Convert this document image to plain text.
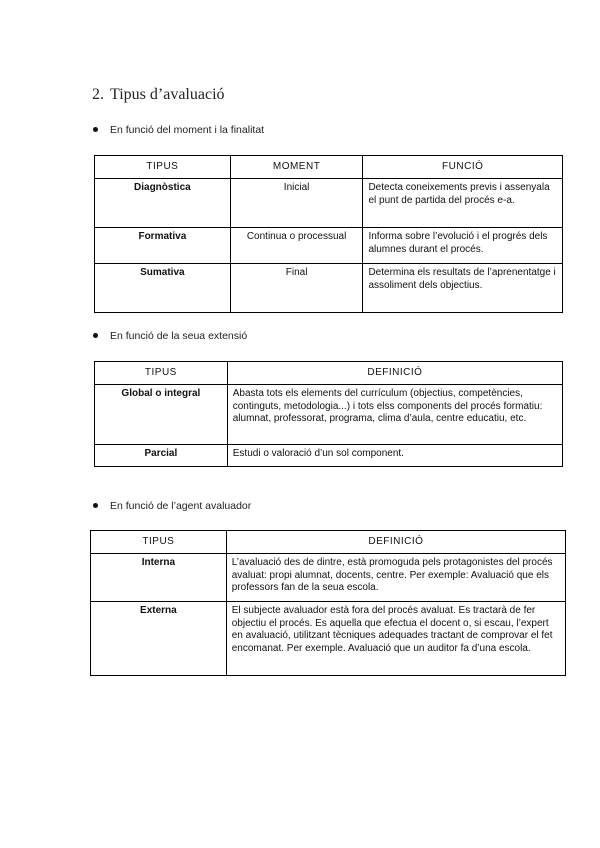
2. Tipus d’avaluació
En funció del moment i la finalitat
TIPUS	MOMENT	FUNCIÓ
Diagnòstica	Inicial	Detecta coneixements previs i assenyala el punt de partida del procés e-a.
Formativa	Continua o processual	Informa sobre l’evolució i el progrés dels alumnes durant el procés.
Sumativa	Final	Determina els resultats de l’aprenentatge i assoliment dels objectius.
En funció de la seua extensió
TIPUS	DEFINICIÓ
Global o integral	Abasta tots els elements del currículum (objectius, competències, continguts, metodologia...) i tots elss components del procés formatiu: alumnat, professorat, programa, clima d’aula, centre educatiu, etc.
Parcial	Estudi o valoració d’un sol component.
En funció de l’agent avaluador
TIPUS	DEFINICIÓ
Interna	L’avaluació des de dintre, està promoguda pels protagonistes del procés avaluat: propi alumnat, docents, centre. Per exemple: Avaluació que els professors fan de la seua escola.
Externa	El subjecte avaluador està fora del procés avaluat. Es tractarà de fer objectiu el procés. Es aquella que efectua el docent o, si escau, l’expert en avaluació, utilitzant tècniques adequades tractant de comprovar el fet encomanat. Per exemple. Avaluació que un auditor fa d’una escola.
